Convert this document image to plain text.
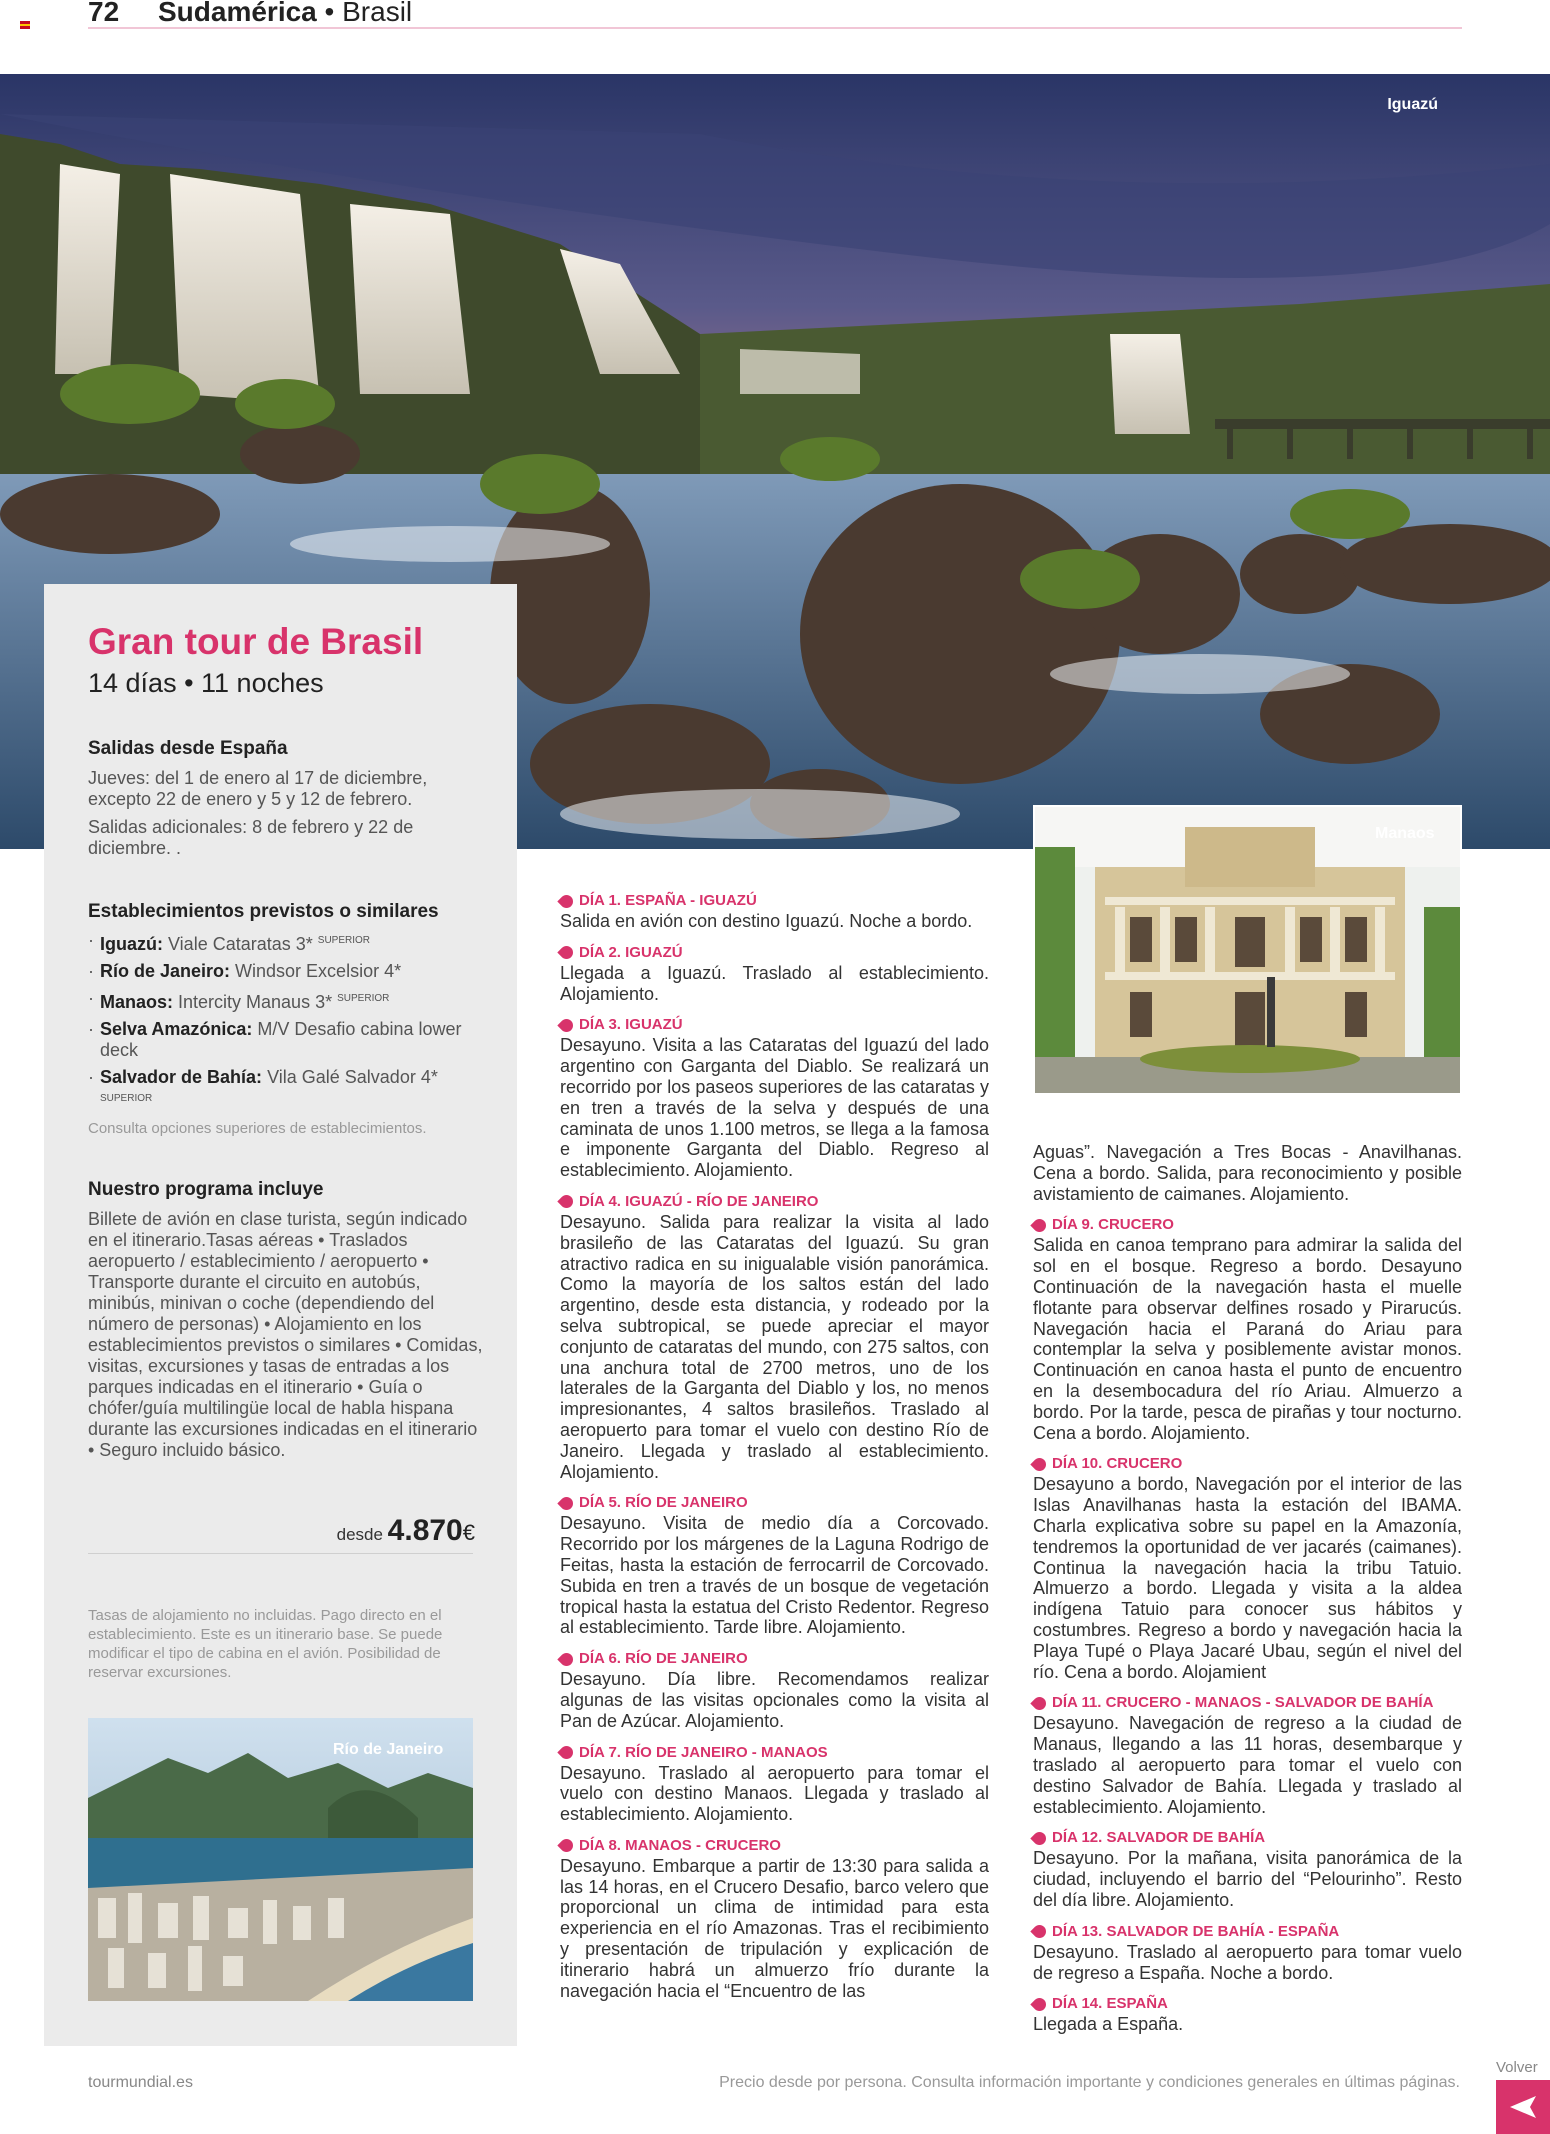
72 Sudamérica • Brasil
Iguazú
Manaos
Gran tour de Brasil
14 días • 11 noches
Salidas desde España
Jueves: del 1 de enero al 17 de diciembre, excepto 22 de enero y 5 y 12 de febrero.
Salidas adicionales: 8 de febrero y 22 de diciembre. .
Establecimientos previstos o similares
· Iguazú: Viale Cataratas 3* $^{SUPERIOR}$
· Río de Janeiro: Windsor Excelsior 4*
· Manaos: Intercity Manaus 3* $^{SUPERIOR}$
· Selva Amazónica: M/V Desafio cabina lower deck
· Salvador de Bahía: Vila Galé Salvador 4* $^{SUPERIOR}$
Consulta opciones superiores de establecimientos.
Nuestro programa incluye
Billete de avión en clase turista, según indicado en el itinerario.Tasas aéreas • Traslados aeropuerto / establecimiento / aeropuerto • Transporte durante el circuito en autobús, minibús, minivan o coche (dependiendo del número de personas) • Alojamiento en los establecimientos previstos o similares • Comidas, visitas, excursiones y tasas de entradas a los parques indicadas en el itinerario • Guía o chófer/guía multilingüe local de habla hispana durante las excursiones indicadas en el itinerario • Seguro incluido básico.
desde 4.870€
Tasas de alojamiento no incluidas. Pago directo en el establecimiento. Este es un itinerario base. Se puede modificar el tipo de cabina en el avión. Posibilidad de reservar excursiones.
Río de Janeiro
DÍA 1. ESPAÑA - IGUAZÚ
Salida en avión con destino Iguazú. Noche a bordo.
DÍA 2. IGUAZÚ
Llegada a Iguazú. Traslado al establecimiento. Alojamiento.
DÍA 3. IGUAZÚ
Desayuno. Visita a las Cataratas del Iguazú del lado argentino con Garganta del Diablo. Se realizará un recorrido por los paseos superiores de las cataratas y en tren a través de la selva y después de una caminata de unos 1.100 metros, se llega a la famosa e imponente Garganta del Diablo. Regreso al establecimiento. Alojamiento.
DÍA 4. IGUAZÚ - RÍO DE JANEIRO
Desayuno. Salida para realizar la visita al lado brasileño de las Cataratas del Iguazú. Su gran atractivo radica en su inigualable visión panorámica. Como la mayoría de los saltos están del lado argentino, desde esta distancia, y rodeado por la selva subtropical, se puede apreciar el mayor conjunto de cataratas del mundo, con 275 saltos, con una anchura total de 2700 metros, uno de los laterales de la Garganta del Diablo y los, no menos impresionantes, 4 saltos brasileños. Traslado al aeropuerto para tomar el vuelo con destino Río de Janeiro. Llegada y traslado al establecimiento. Alojamiento.
DÍA 5. RÍO DE JANEIRO
Desayuno. Visita de medio día a Corcovado. Recorrido por los márgenes de la Laguna Rodrigo de Feitas, hasta la estación de ferrocarril de Corcovado. Subida en tren a través de un bosque de vegetación tropical hasta la estatua del Cristo Redentor. Regreso al establecimiento. Tarde libre. Alojamiento.
DÍA 6. RÍO DE JANEIRO
Desayuno. Día libre. Recomendamos realizar algunas de las visitas opcionales como la visita al Pan de Azúcar. Alojamiento.
DÍA 7. RÍO DE JANEIRO - MANAOS
Desayuno. Traslado al aeropuerto para tomar el vuelo con destino Manaos. Llegada y traslado al establecimiento. Alojamiento.
DÍA 8. MANAOS - CRUCERO
Desayuno. Embarque a partir de 13:30 para salida a las 14 horas, en el Crucero Desafio, barco velero que proporcional un clima de intimidad para esta experiencia en el río Amazonas. Tras el recibimiento y presentación de tripulación y explicación de itinerario habrá un almuerzo frío durante la navegación hacia el “Encuentro de las
Aguas”. Navegación a Tres Bocas - Anavilhanas. Cena a bordo. Salida, para reconocimiento y posible avistamiento de caimanes. Alojamiento.
DÍA 9. CRUCERO
Salida en canoa temprano para admirar la salida del sol en el bosque. Regreso a bordo. Desayuno Continuación de la navegación hasta el muelle flotante para observar delfines rosado y Pirarucús. Navegación hacia el Paraná do Ariau para contemplar la selva y posiblemente avistar monos. Continuación en canoa hasta el punto de encuentro en la desembocadura del río Ariau. Almuerzo a bordo. Por la tarde, pesca de pirañas y tour nocturno. Cena a bordo. Alojamiento.
DÍA 10. CRUCERO
Desayuno a bordo, Navegación por el interior de las Islas Anavilhanas hasta la estación del IBAMA. Charla explicativa sobre su papel en la Amazonía, tendremos la oportunidad de ver jacarés (caimanes). Continua la navegación hacia la tribu Tatuio. Almuerzo a bordo. Llegada y visita a la aldea indígena Tatuio para conocer sus hábitos y costumbres. Regreso a bordo y navegación hacia la Playa Tupé o Playa Jacaré Ubau, según el nivel del río. Cena a bordo. Alojamient
DÍA 11. CRUCERO - MANAOS - SALVADOR DE BAHÍA
Desayuno. Navegación de regreso a la ciudad de Manaus, llegando a las 11 horas, desembarque y traslado al aeropuerto para tomar el vuelo con destino Salvador de Bahía. Llegada y traslado al establecimiento. Alojamiento.
DÍA 12. SALVADOR DE BAHÍA
Desayuno. Por la mañana, visita panorámica de la ciudad, incluyendo el barrio del “Pelourinho”. Resto del día libre. Alojamiento.
DÍA 13. SALVADOR DE BAHÍA - ESPAÑA
Desayuno. Traslado al aeropuerto para tomar vuelo de regreso a España. Noche a bordo.
DÍA 14. ESPAÑA
Llegada a España.
tourmundial.es	Precio desde por persona. Consulta información importante y condiciones generales en últimas páginas.
Volver
